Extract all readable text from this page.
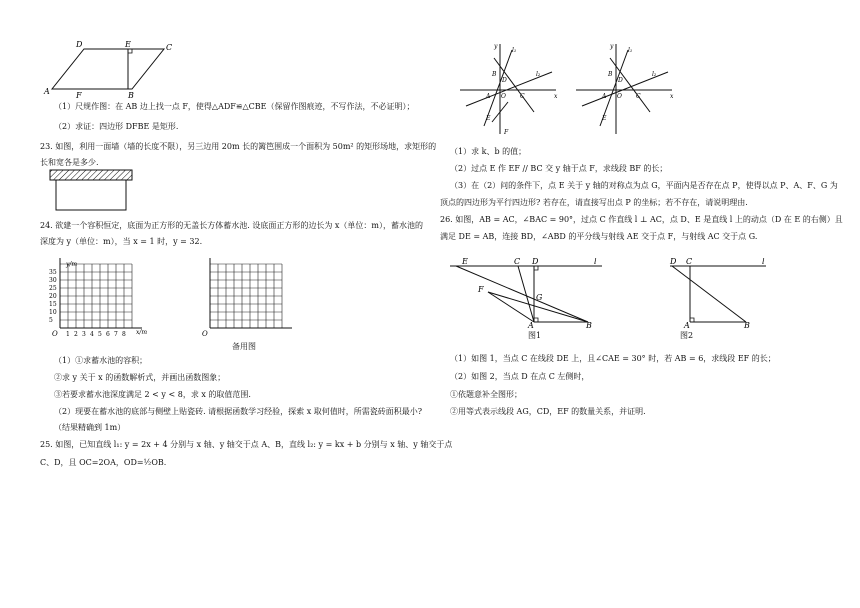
D	E	C
A	F	B
（1）尺规作图：在 AB 边上找一点 F，使得△ADF≌△CBE（保留作图痕迹，不写作法，不必证明）；
（2）求证：四边形 DFBE 是矩形.
23. 如图，利用一面墙（墙的长度不限），另三边用 20m 长的篱笆围成一个面积为 50m² 的矩形场地，求矩形的
长和宽各是多少.
24. 欲建一个容积恒定，底面为正方形的无盖长方体蓄水池. 设底面正方形的边长为 x（单位：m），蓄水池的
深度为 y（单位：m），当 x = 1 时，y = 32.
O
35
30
25
20
15
10
5
1 2 3 4 5 6 7 8
y/m
x/m	O
备用图
（1）①求蓄水池的容积；
②求 y 关于 x 的函数解析式，并画出函数图象；
③若要求蓄水池深度满足 2 < y < 8，求 x 的取值范围.
（2）现要在蓄水池的底部与侧壁上贴瓷砖. 请根据函数学习经验，探索 x 取何值时，所需瓷砖面积最小?
（结果精确到 1m）
25. 如图，已知直线 l₁: y = 2x + 4 分别与 x 轴、y 轴交于点 A、B，直线 l₂: y = kx + b 分别与 x 轴、y 轴交于点
C、D，且 OC=2OA，OD=½OB.
y
x
l₁
l₂
B
D
A O C
E
F
y
x
l₁
l₂
B
D
A O C
E
（1）求 k、b 的值；
（2）过点 E 作 EF // BC 交 y 轴于点 F，求线段 BF 的长；
（3）在（2）问的条件下，点 E 关于 y 轴的对称点为点 G，平面内是否存在点 P，使得以点 P、A、F、G 为
顶点的四边形为平行四边形? 若存在，请直接写出点 P 的坐标；若不存在，请说明理由.
26. 如图，AB = AC，∠BAC = 90°，过点 C 作直线 l ⊥ AC，点 D、E 是直线 l 上的动点（D 在 E 的右侧）且
满足 DE = AB，连接 BD，∠ABD 的平分线与射线 AE 交于点 F，与射线 AC 交于点 G.
E	C D	l
F
G
A	B
图1
D C	l
A	B
图2
（1）如图 1，当点 C 在线段 DE 上，且∠CAE = 30° 时，若 AB = 6，求线段 EF 的长；
（2）如图 2，当点 D 在点 C 左侧时，
①依题意补全图形；
②用等式表示线段 AG，CD，EF 的数量关系，并证明.
